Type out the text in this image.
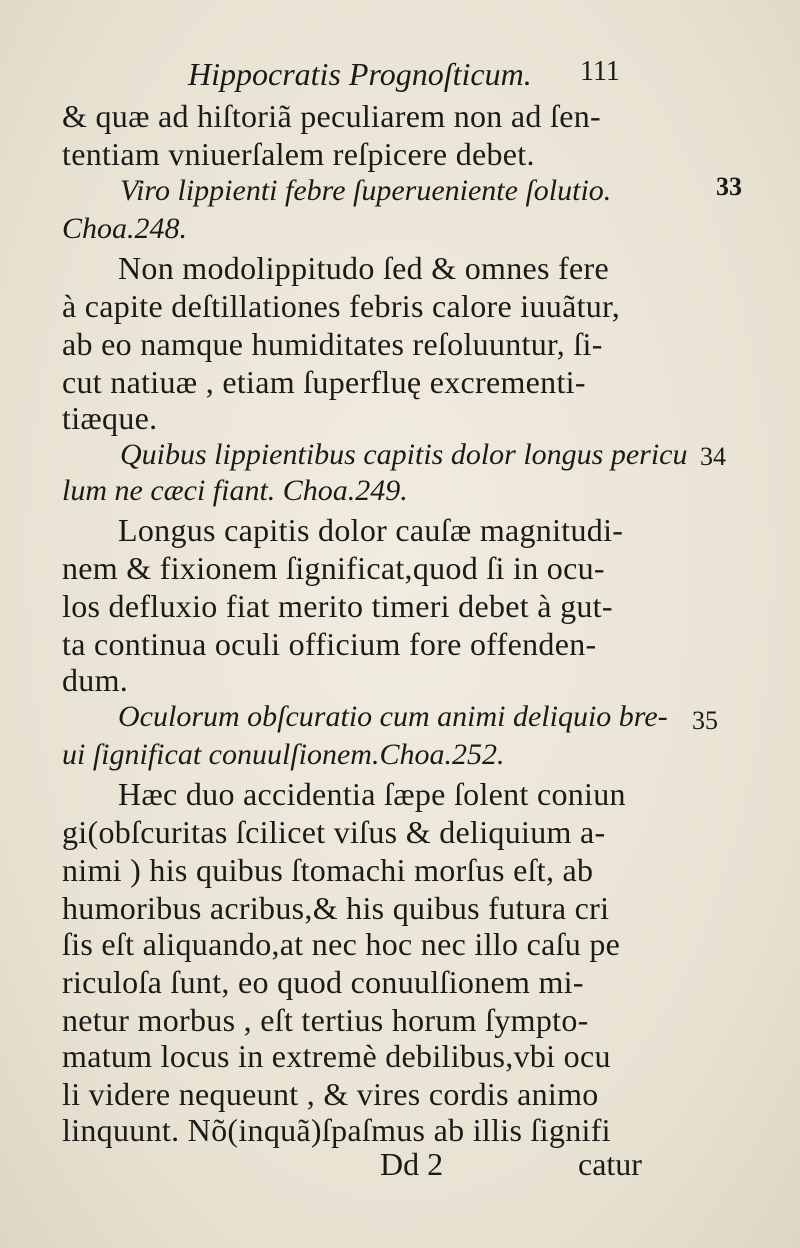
Hippocratis Prognoſticum. 111
33
34
35
& quæ ad hiſtoriã peculiarem non ad ſen-
tentiam vniuerſalem reſpicere debet.
Viro lippienti febre ſuperueniente ſolutio.
Choa.248.
Non modolippitudo ſed & omnes fere
à capite deſtillationes febris calore iuuãtur,
ab eo namque humiditates reſoluuntur, ſi-
cut natiuæ , etiam ſuperfluę excrementi-
tiæque.
Quibus lippientibus capitis dolor longus pericu
lum ne cæci fiant. Choa.249.
Longus capitis dolor cauſæ magnitudi-
nem & fixionem ſignificat,quod ſi in ocu-
los defluxio fiat merito timeri debet à gut-
ta continua oculi officium fore offenden-
dum.
Oculorum obſcuratio cum animi deliquio bre-
ui ſignificat conuulſionem.Choa.252.
Hæc duo accidentia ſæpe ſolent coniun
gi(obſcuritas ſcilicet viſus & deliquium a-
nimi ) his quibus ſtomachi morſus eſt, ab
humoribus acribus,& his quibus futura cri
ſis eſt aliquando,at nec hoc nec illo caſu pe
riculoſa ſunt, eo quod conuulſionem mi-
netur morbus , eſt tertius horum ſympto-
matum locus in extremè debilibus,vbi ocu
li videre nequeunt , & vires cordis animo
linquunt. Nõ(inquã)ſpaſmus ab illis ſignifi
Dd 2	catur
